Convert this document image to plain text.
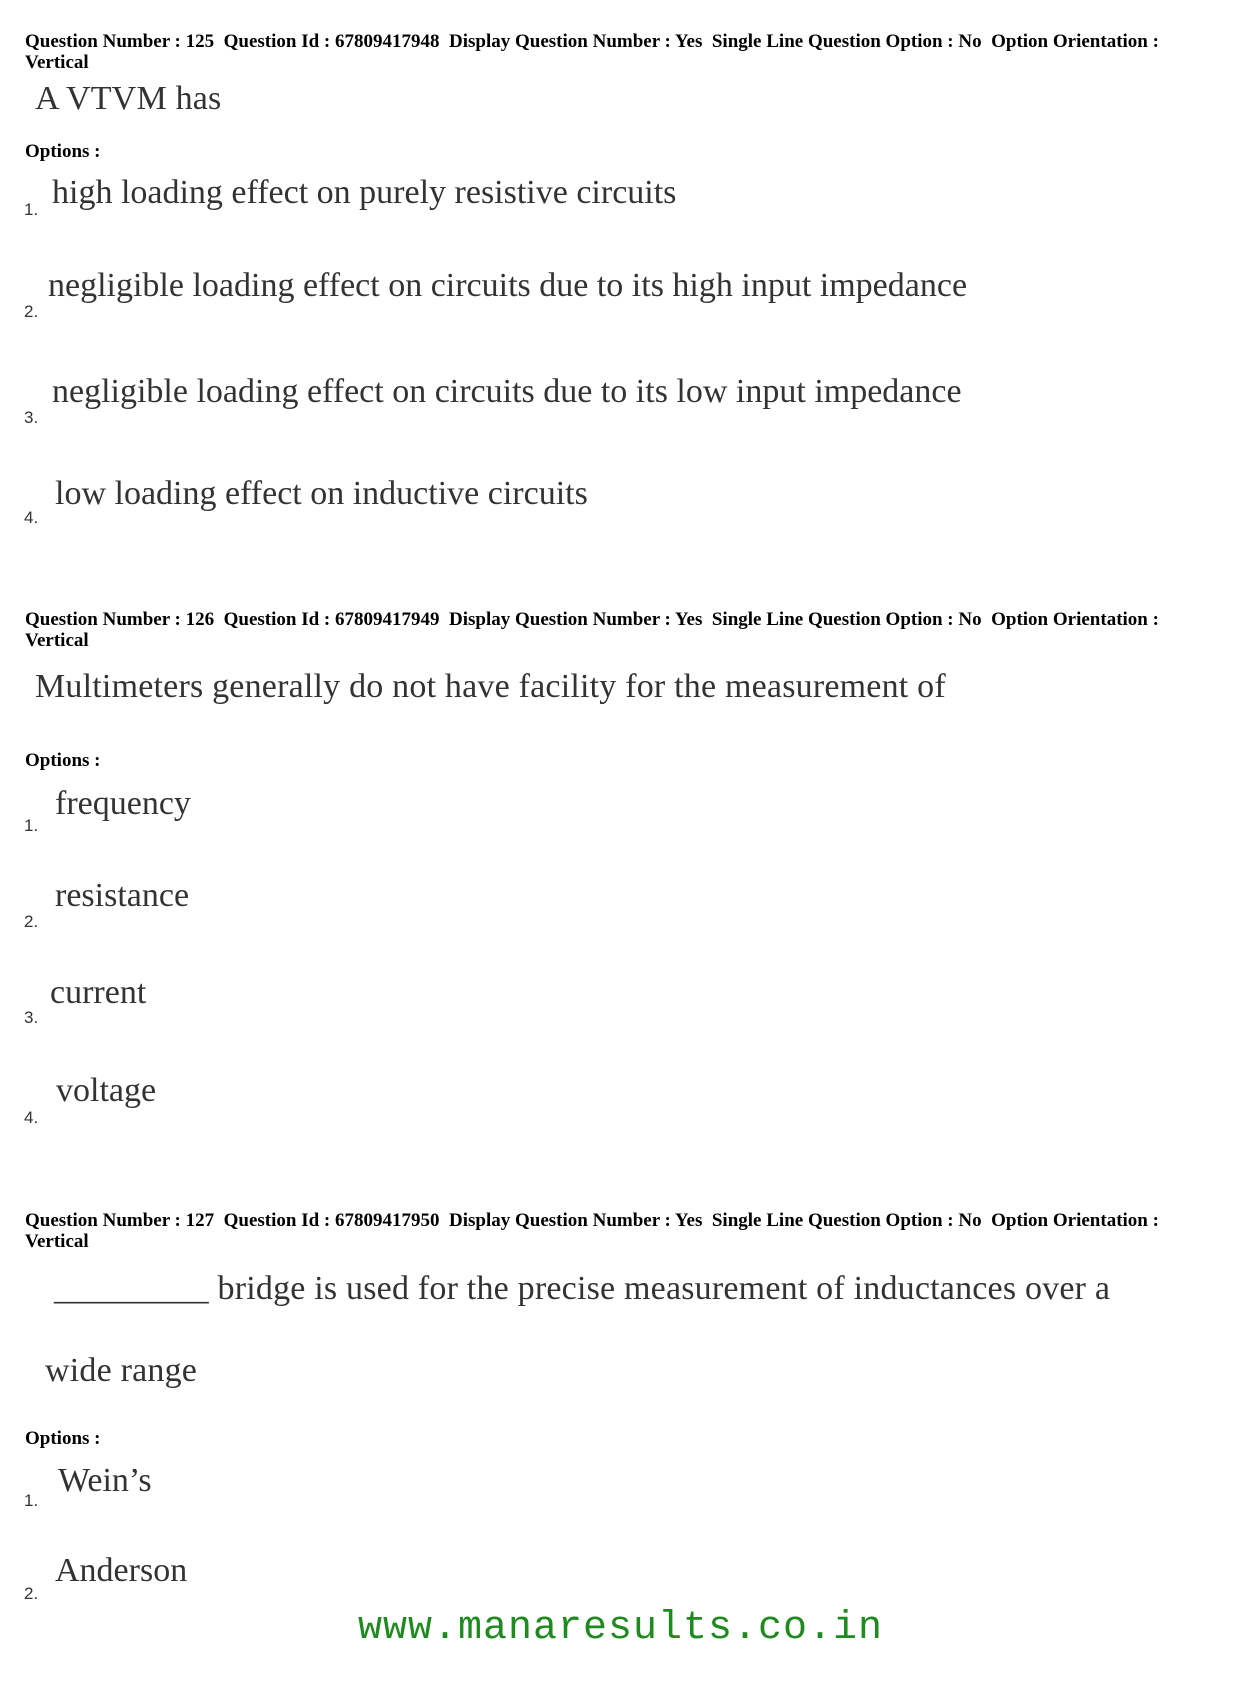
Question Number : 125  Question Id : 67809417948  Display Question Number : Yes  Single Line Question Option : No  Option Orientation : Vertical

A VTVM has

Options :

1. high loading effect on purely resistive circuits

2.

negligible loading effect on circuits due to its high input impedance

3.

negligible loading effect on circuits due to its low input impedance

4.

low loading effect on inductive circuits

Question Number : 126  Question Id : 67809417949  Display Question Number : Yes  Single Line Question Option : No  Option Orientation : Vertical

Multimeters generally do not have facility for the measurement of

Options :

1.

frequency

2.

resistance

3.

current

4.

voltage

Question Number : 127  Question Id : 67809417950  Display Question Number : Yes  Single Line Question Option : No  Option Orientation : Vertical

_________ bridge is used for the precise measurement of inductances over a

wide range

Options :

1.

Wein’s

2.

Anderson

www.manaresults.co.in
